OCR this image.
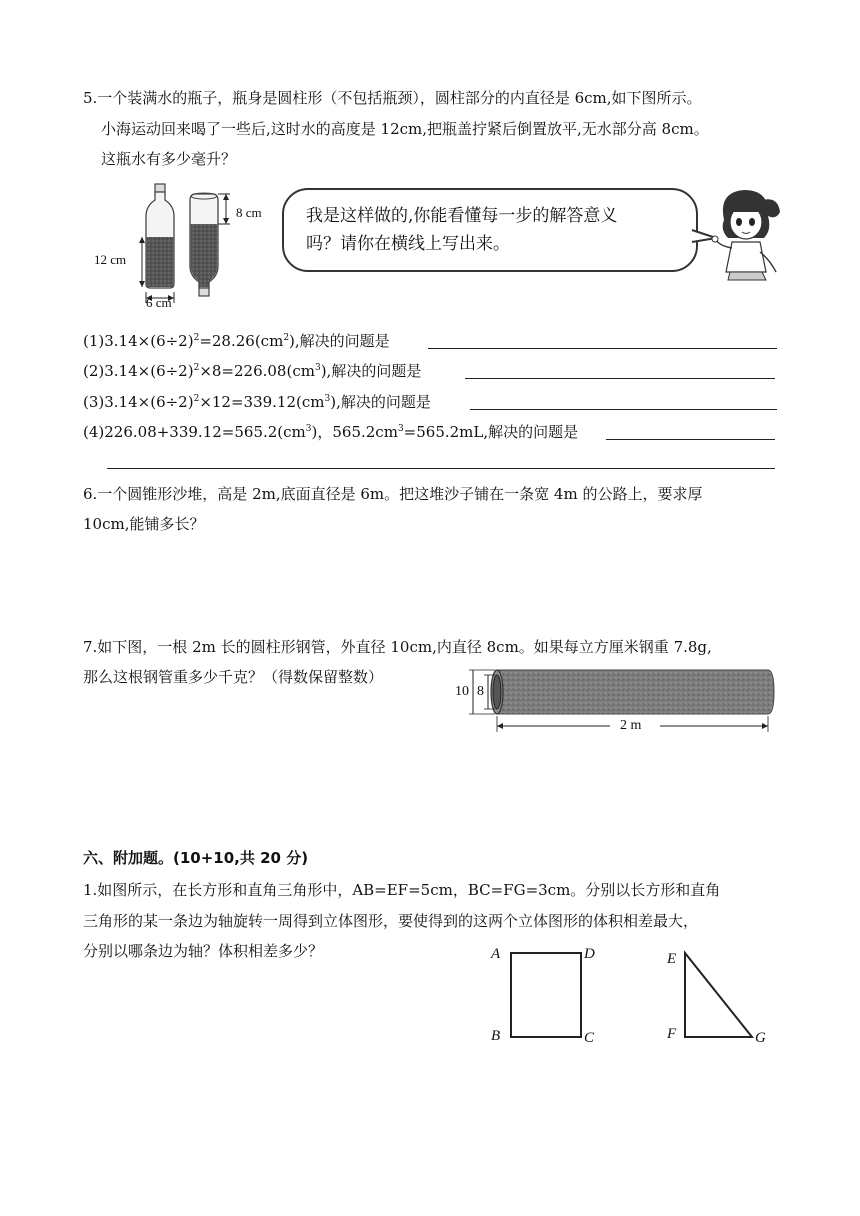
5.一个装满水的瓶子，瓶身是圆柱形（不包括瓶颈），圆柱部分的内直径是 6cm,如下图所示。
小海运动回来喝了一些后,这时水的高度是 12cm,把瓶盖拧紧后倒置放平,无水部分高 8cm。
这瓶水有多少毫升？
12 cm
6 cm
8 cm	我是这样做的,你能看懂每一步的解答意义
吗？请你在横线上写出来。
$(1)3.14\times(6\div 2)^2=28.26(cm^2)$,解决的问题是
$(2)3.14\times(6\div 2)^2\times 8=226.08(cm^3)$,解决的问题是
$(3)3.14\times(6\div 2)^2\times 12=339.12(cm^3)$,解决的问题是
$(4)226.08+339.12=565.2(cm^3)$，$565.2cm^3=565.2mL$,解决的问题是
6.一个圆锥形沙堆，高是 2m,底面直径是 6m。把这堆沙子铺在一条宽 4m 的公路上，要求厚
10cm,能铺多长？
7.如下图，一根 2m 长的圆柱形钢管，外直径 10cm,内直径 8cm。如果每立方厘米钢重 7.8g,
那么这根钢管重多少千克？（得数保留整数）
10 8
2 m
六、附加题。(10+10,共 20 分)
1.如图所示，在长方形和直角三角形中，AB=EF=5cm，BC=FG=3cm。分别以长方形和直角
三角形的某一条边为轴旋转一周得到立体图形，要使得到的这两个立体图形的体积相差最大，
分别以哪条边为轴？体积相差多少？	A	D
B	C
E
F	G
